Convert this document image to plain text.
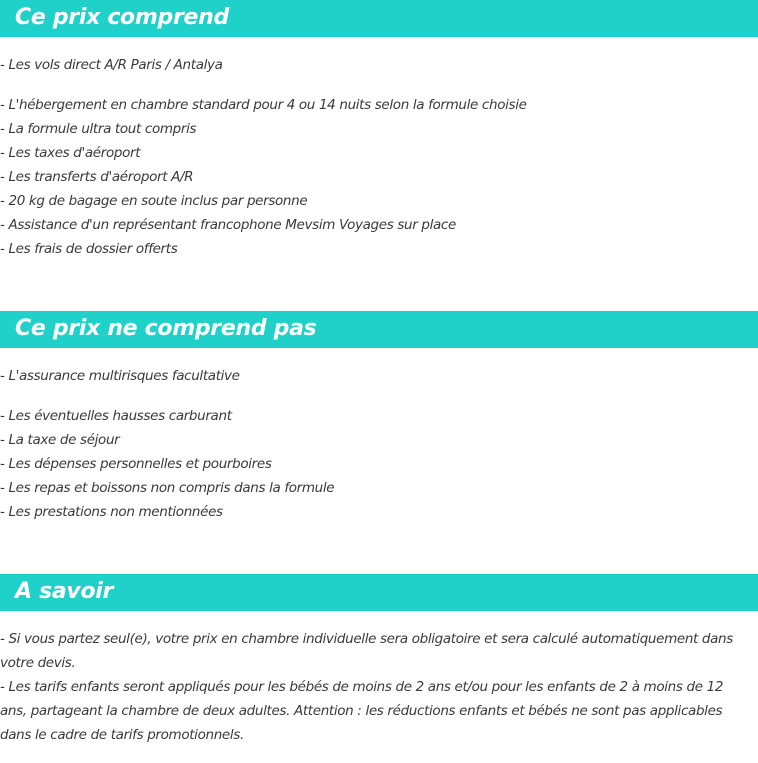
Ce prix comprend

- Les vols direct A/R Paris / Antalya

- L'hébergement en chambre standard pour 4 ou 14 nuits selon la formule choisie

- La formule ultra tout compris

- Les taxes d'aéroport

- Les transferts d'aéroport A/R

- 20 kg de bagage en soute inclus par personne

- Assistance d'un représentant francophone Mevsim Voyages sur place

- Les frais de dossier offerts

Ce prix ne comprend pas

- L'assurance multirisques facultative

- Les éventuelles hausses carburant

- La taxe de séjour

- Les dépenses personnelles et pourboires

- Les repas et boissons non compris dans la formule

- Les prestations non mentionnées

A savoir

- Si vous partez seul(e), votre prix en chambre individuelle sera obligatoire et sera calculé automatiquement dans votre devis.

- Les tarifs enfants seront appliqués pour les bébés de moins de 2 ans et/ou pour les enfants de 2 à moins de 12 ans, partageant la chambre de deux adultes. Attention : les réductions enfants et bébés ne sont pas applicables dans le cadre de tarifs promotionnels.
